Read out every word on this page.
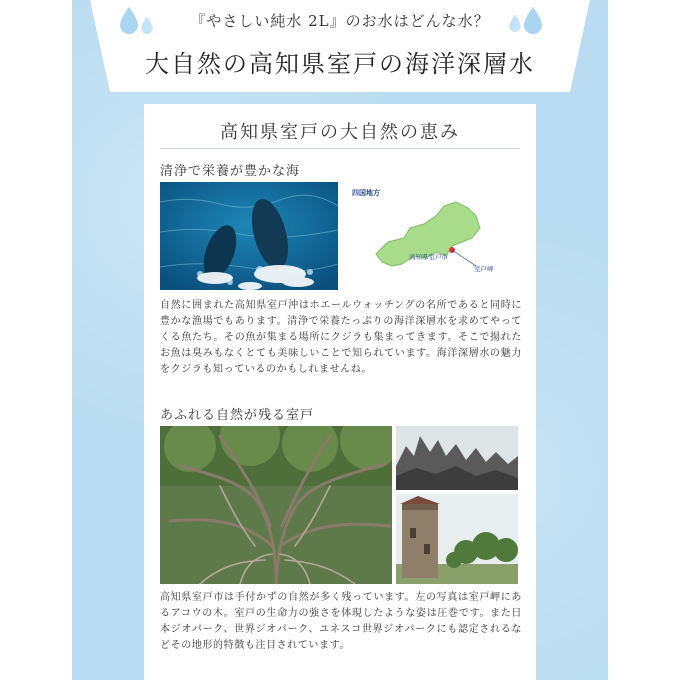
『やさしい純水 2L』のお水はどんな水？
大自然の高知県室戸の海洋深層水
高知県室戸の大自然の恵み
清浄で栄養が豊かな海
四国地方
高知県室戸市
室戸岬
自然に囲まれた高知県室戸沖はホエールウォッチングの名所であると同時に豊かな漁場でもあります。清浄で栄養たっぷりの海洋深層水を求めてやってくる魚たち。その魚が集まる場所にクジラも集まってきます。そこで揚れたお魚は臭みもなくとても美味しいことで知られています。海洋深層水の魅力をクジラも知っているのかもしれませんね。
あふれる自然が残る室戸
高知県室戸市は手付かずの自然が多く残っています。左の写真は室戸岬にあるアコウの木。室戸の生命力の強さを体現したような姿は圧巻です。また日本ジオパーク、世界ジオパーク、ユネスコ世界ジオパークにも認定されるなどその地形的特徴も注目されています。
